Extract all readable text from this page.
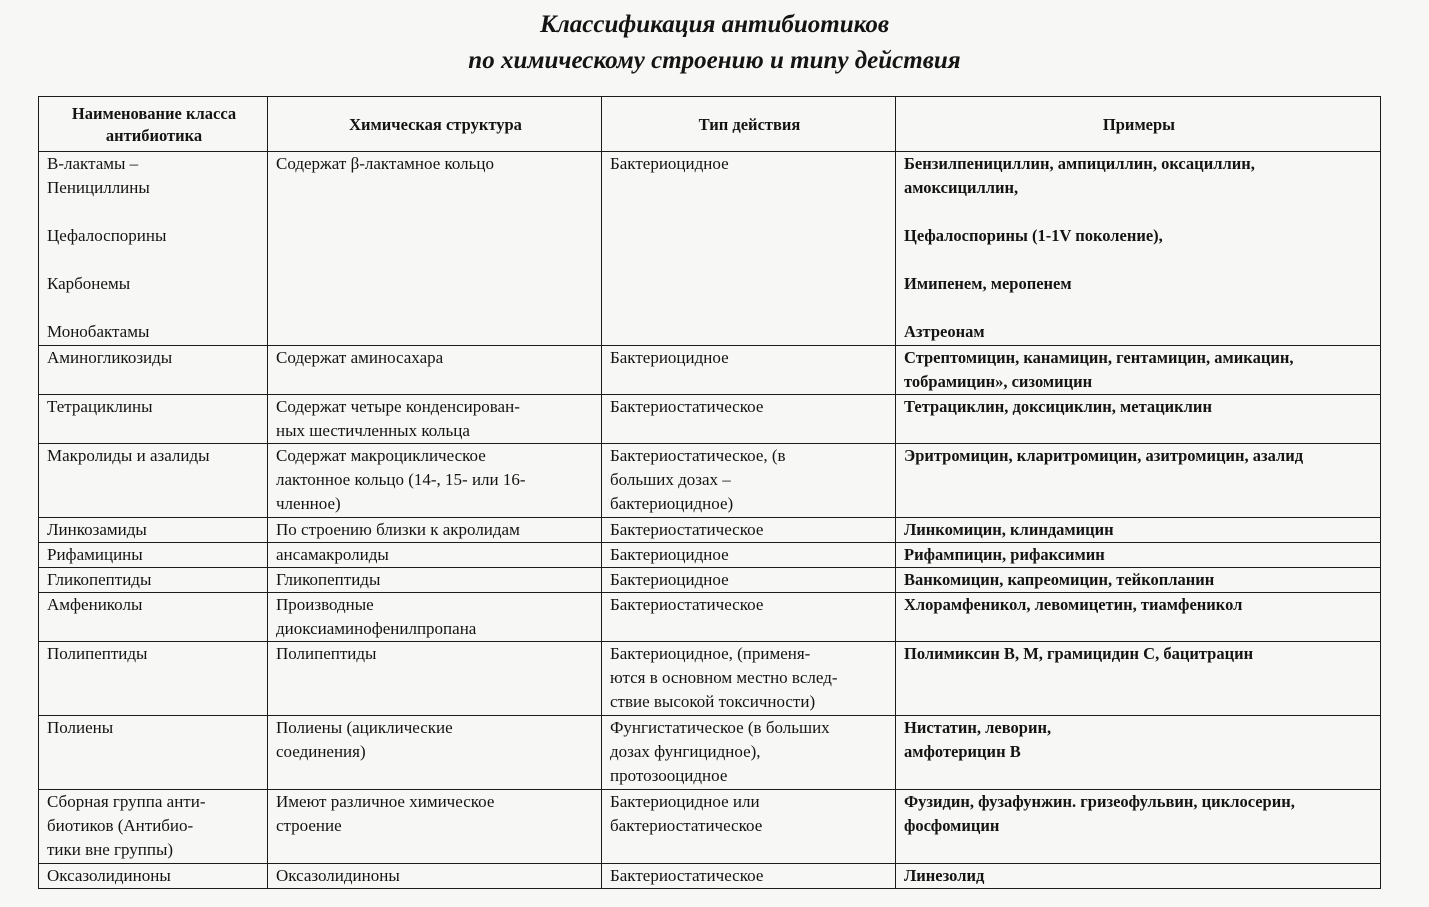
Классификация антибиотиков
по химическому строению и типу действия
Наименование класса
антибиотика	Химическая структура	Тип действия	Примеры
В-лактамы –
Пенициллины

Цефалоспорины

Карбонемы

Монобактамы	Содержат β-лактамное кольцо	Бактериоцидное	Бензилпенициллин, ампициллин, оксациллин,
амоксициллин,

Цефалоспорины (1-1V поколение),

Имипенем, меропенем

Азтреонам
Аминогликозиды	Содержат аминосахара	Бактериоцидное	Стрептомицин, канамицин, гентамицин, амикацин,
тобрамицин», сизомицин
Тетрациклины	Содержат четыре конденсирован-
ных шестичленных кольца	Бактериостатическое	Тетрациклин, доксициклин, метациклин
Макролиды и азалиды	Содержат макроциклическое
лактонное кольцо (14-, 15- или 16-
членное)	Бактериостатическое, (в
больших дозах –
бактериоцидное)	Эритромицин, кларитромицин, азитромицин, азалид
Линкозамиды	По строению близки к акролидам	Бактериостатическое	Линкомицин, клиндамицин
Рифамицины	ансамакролиды	Бактериоцидное	Рифампицин, рифаксимин
Гликопептиды	Гликопептиды	Бактериоцидное	Ванкомицин, капреомицин, тейкопланин
Амфениколы	Производные
диоксиаминофенилпропана	Бактериостатическое	Хлорамфеникол, левомицетин, тиамфеникол
Полипептиды	Полипептиды	Бактериоцидное, (применя-
ются в основном местно вслед-
ствие высокой токсичности)	Полимиксин В, М, грамицидин С, бацитрацин
Полиены	Полиены (ациклические
соединения)	Фунгистатическое (в больших
дозах фунгицидное),
протозооцидное	Нистатин, леворин,
амфотерицин В
Сборная группа анти-
биотиков (Антибио-
тики вне группы)	Имеют различное химическое
строение	Бактериоцидное или
бактериостатическое	Фузидин, фузафунжин. гризеофульвин, циклосерин,
фосфомицин
Оксазолидиноны	Оксазолидиноны	Бактериостатическое	Линезолид
